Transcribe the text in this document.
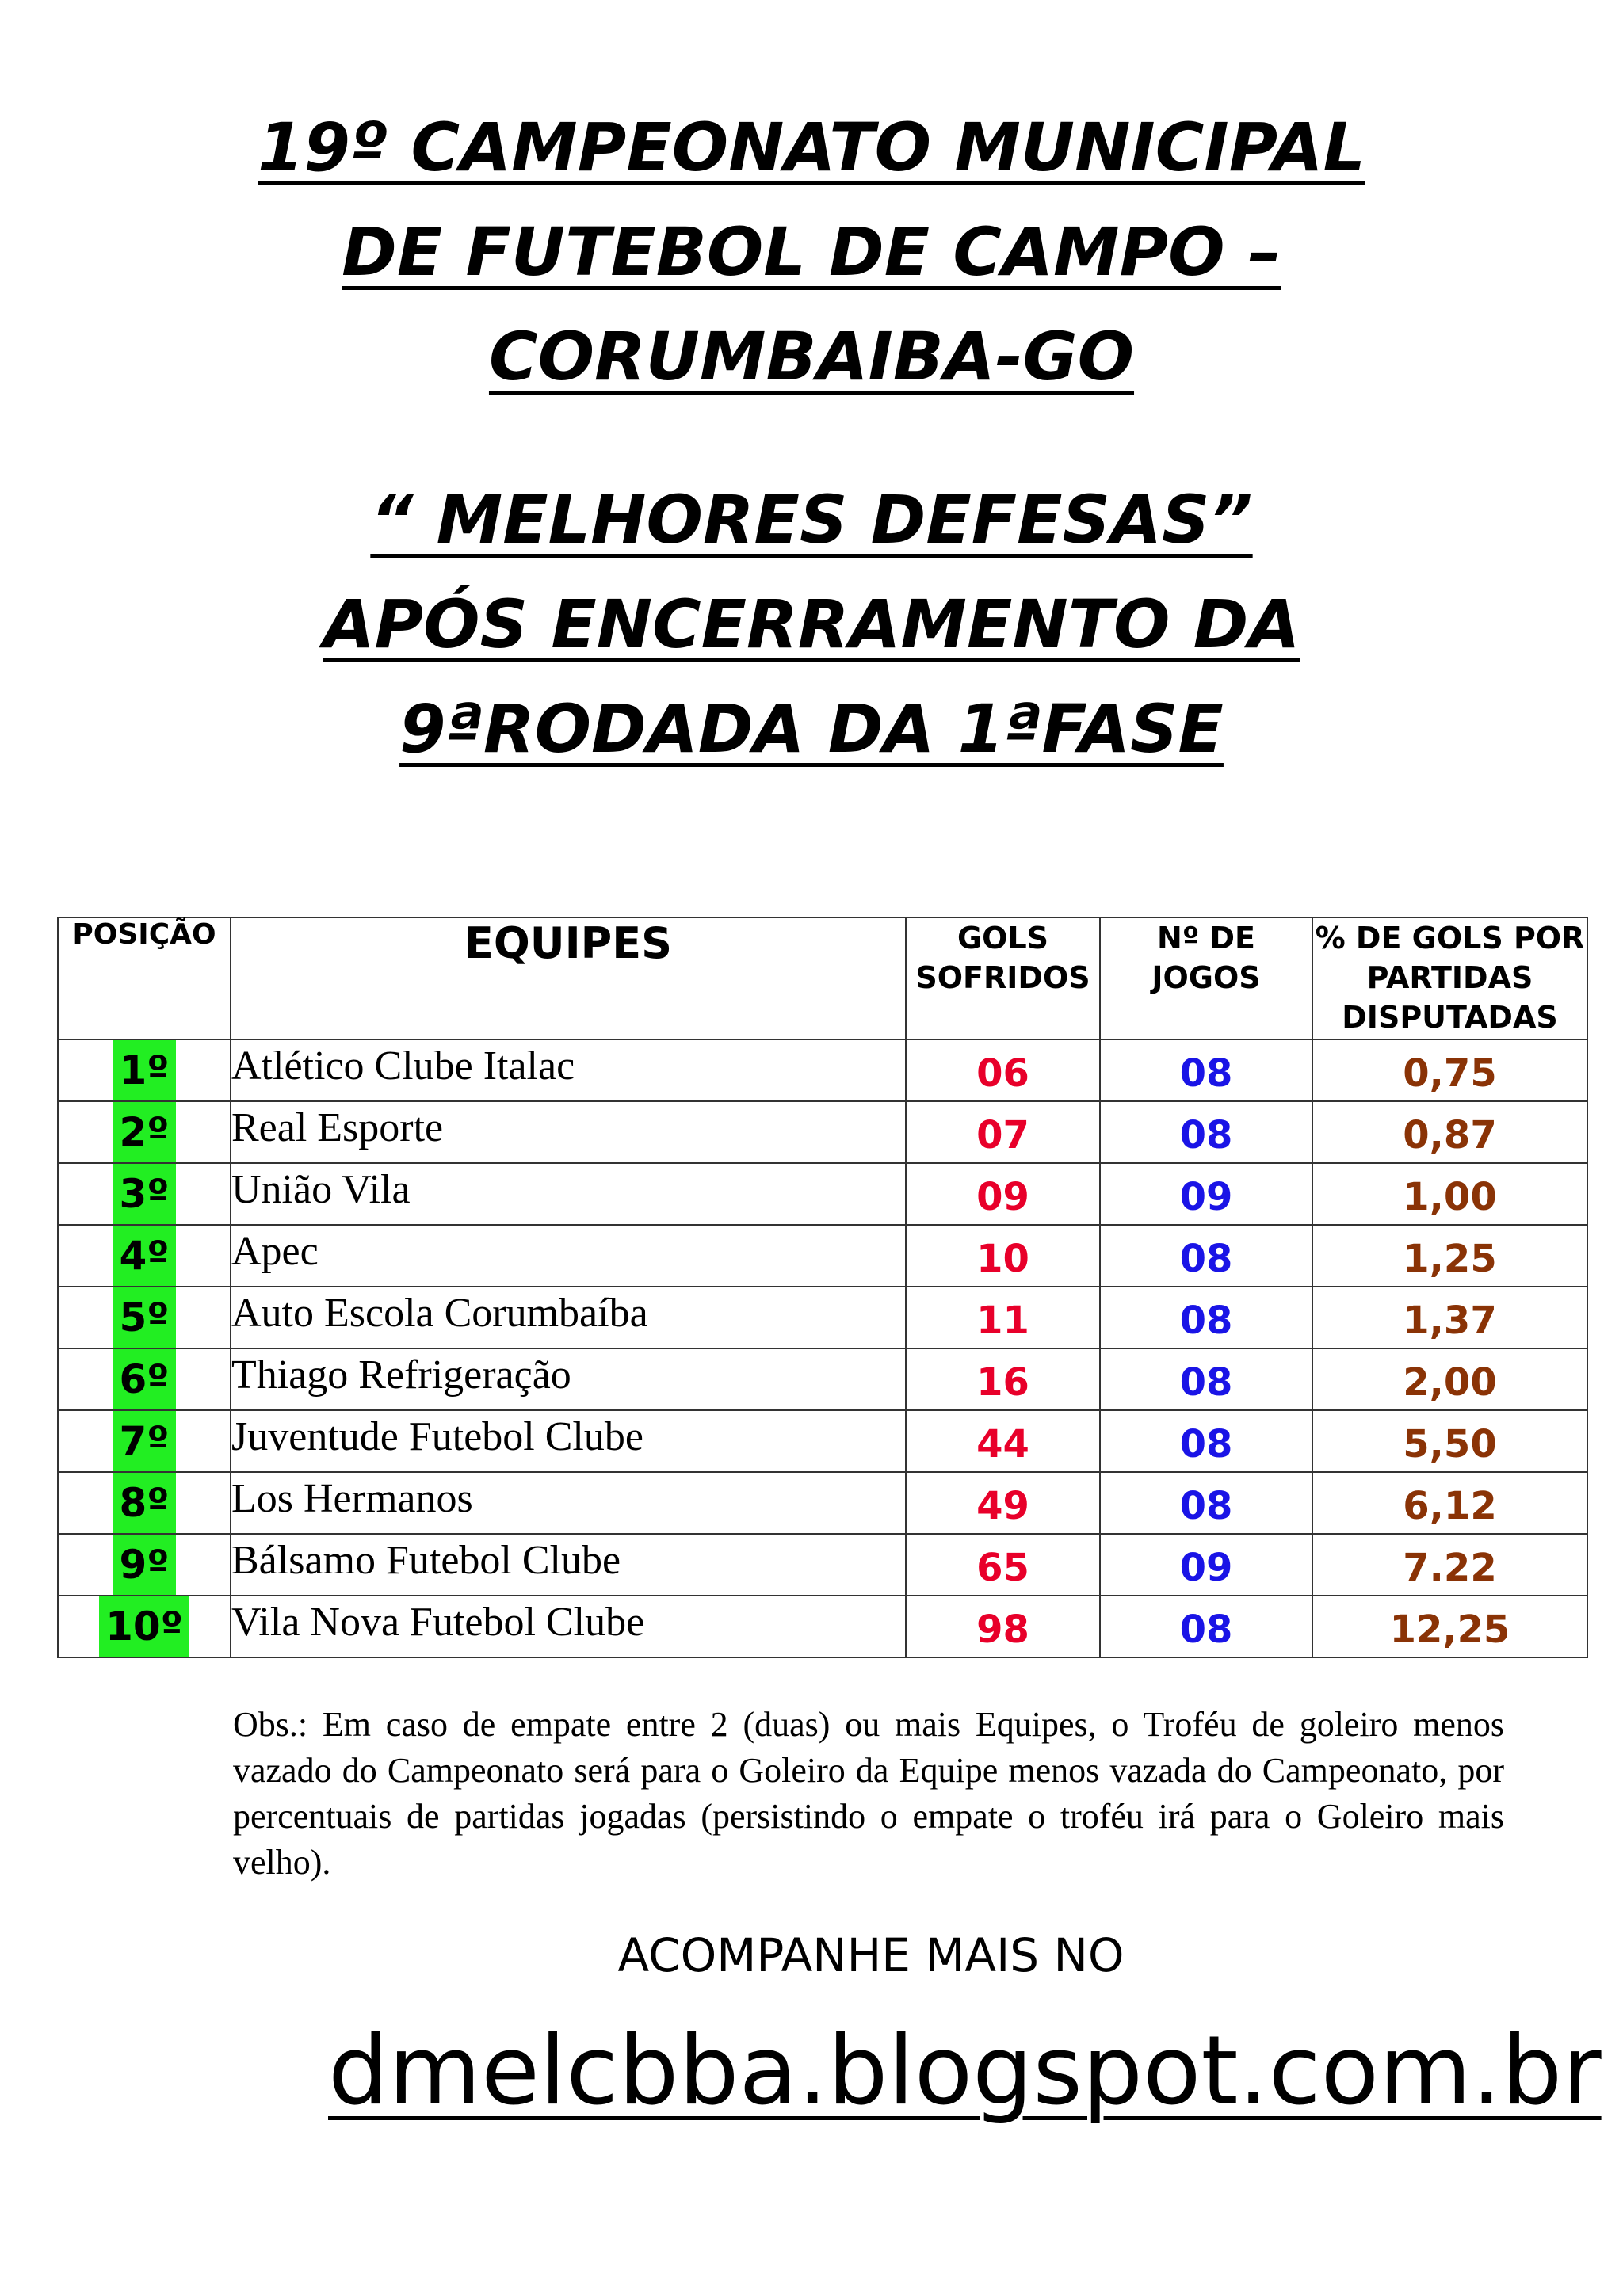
19º CAMPEONATO MUNICIPAL
DE FUTEBOL DE CAMPO –
CORUMBAIBA-GO
“ MELHORES DEFESAS”
APÓS ENCERRAMENTO DA
9ªRODADA DA 1ªFASE
POSIÇÃO	EQUIPES	GOLS SOFRIDOS	Nº DE JOGOS	% DE GOLS POR PARTIDAS DISPUTADAS
1º	Atlético Clube Italac	06	08	0,75
2º	Real Esporte	07	08	0,87
3º	União Vila	09	09	1,00
4º	Apec	10	08	1,25
5º	Auto Escola Corumbaíba	11	08	1,37
6º	Thiago Refrigeração	16	08	2,00
7º	Juventude Futebol Clube	44	08	5,50
8º	Los Hermanos	49	08	6,12
9º	Bálsamo Futebol Clube	65	09	7.22
10º	Vila Nova Futebol Clube	98	08	12,25
Obs.: Em caso de empate entre 2 (duas) ou mais Equipes, o Troféu de goleiro menos vazado do Campeonato será para o Goleiro da Equipe menos vazada do Campeonato, por percentuais de partidas jogadas (persistindo o empate o troféu irá para o Goleiro mais velho).
ACOMPANHE MAIS NO
dmelcbba.blogspot.com.br
